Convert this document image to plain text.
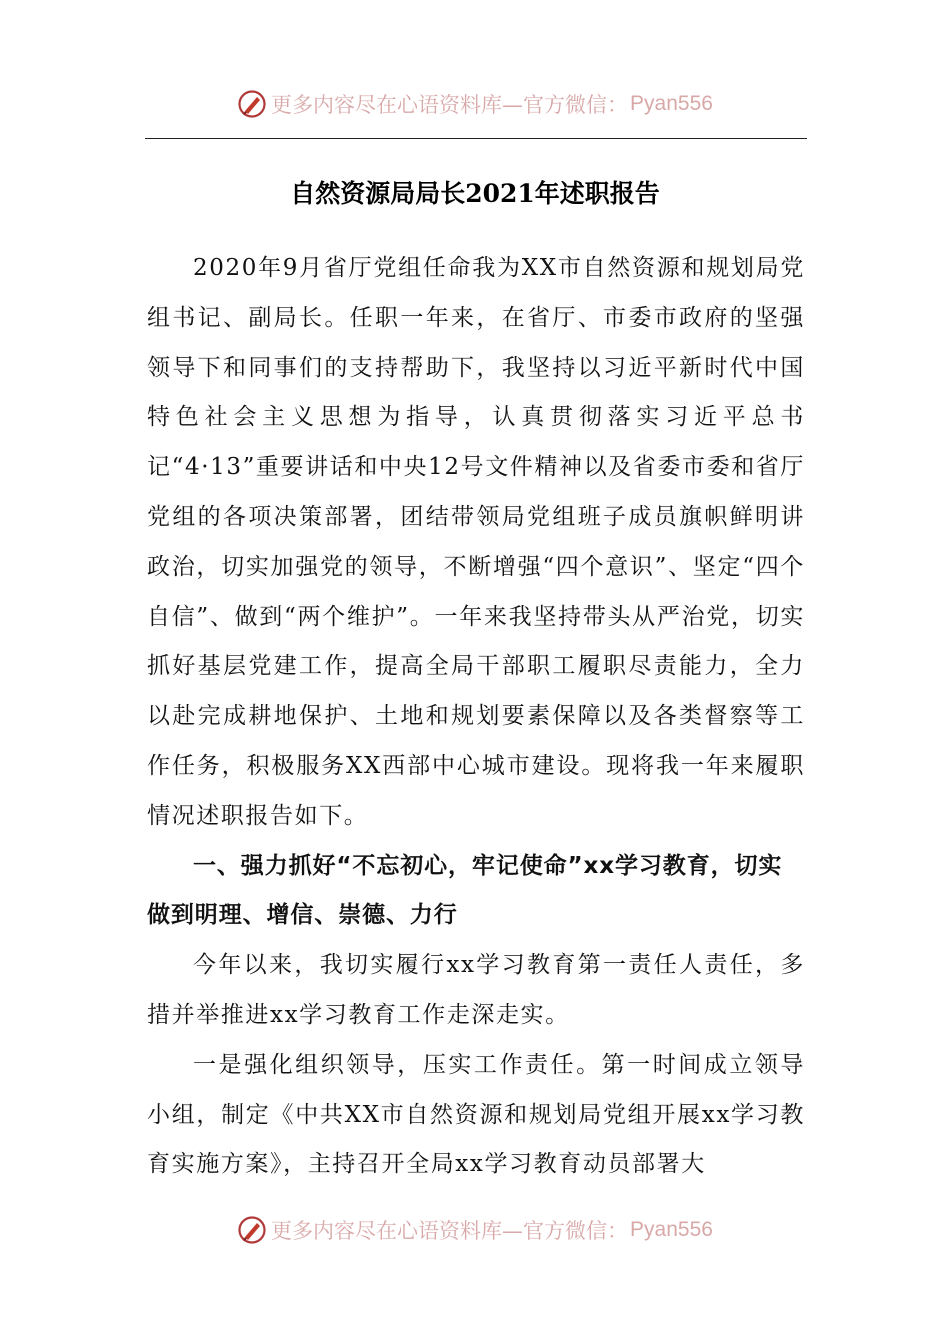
更多内容尽在心语资料库—官方微信： Pyan556
自然资源局局长2021年述职报告

2020年9月省厅党组任命我为XX市自然资源和规划局党组书记、副局长。任职一年来，在省厅、市委市政府的坚强领导下和同事们的支持帮助下，我坚持以习近平新时代中国特色社会主义思想为指导，认真贯彻落实习近平总书记“4·13”重要讲话和中央12号文件精神以及省委市委和省厅党组的各项决策部署，团结带领局党组班子成员旗帜鲜明讲政治，切实加强党的领导，不断增强“四个意识”、坚定“四个自信”、做到“两个维护”。一年来我坚持带头从严治党，切实抓好基层党建工作，提高全局干部职工履职尽责能力，全力以赴完成耕地保护、土地和规划要素保障以及各类督察等工作任务，积极服务XX西部中心城市建设。现将我一年来履职情况述职报告如下。

一、强力抓好“不忘初心，牢记使命”xx学习教育，切实做到明理、增信、崇德、力行

今年以来，我切实履行xx学习教育第一责任人责任，多措并举推进xx学习教育工作走深走实。

一是强化组织领导，压实工作责任。第一时间成立领导小组，制定《中共XX市自然资源和规划局党组开展xx学习教育实施方案》，主持召开全局xx学习教育动员部署大

更多内容尽在心语资料库—官方微信： Pyan556
